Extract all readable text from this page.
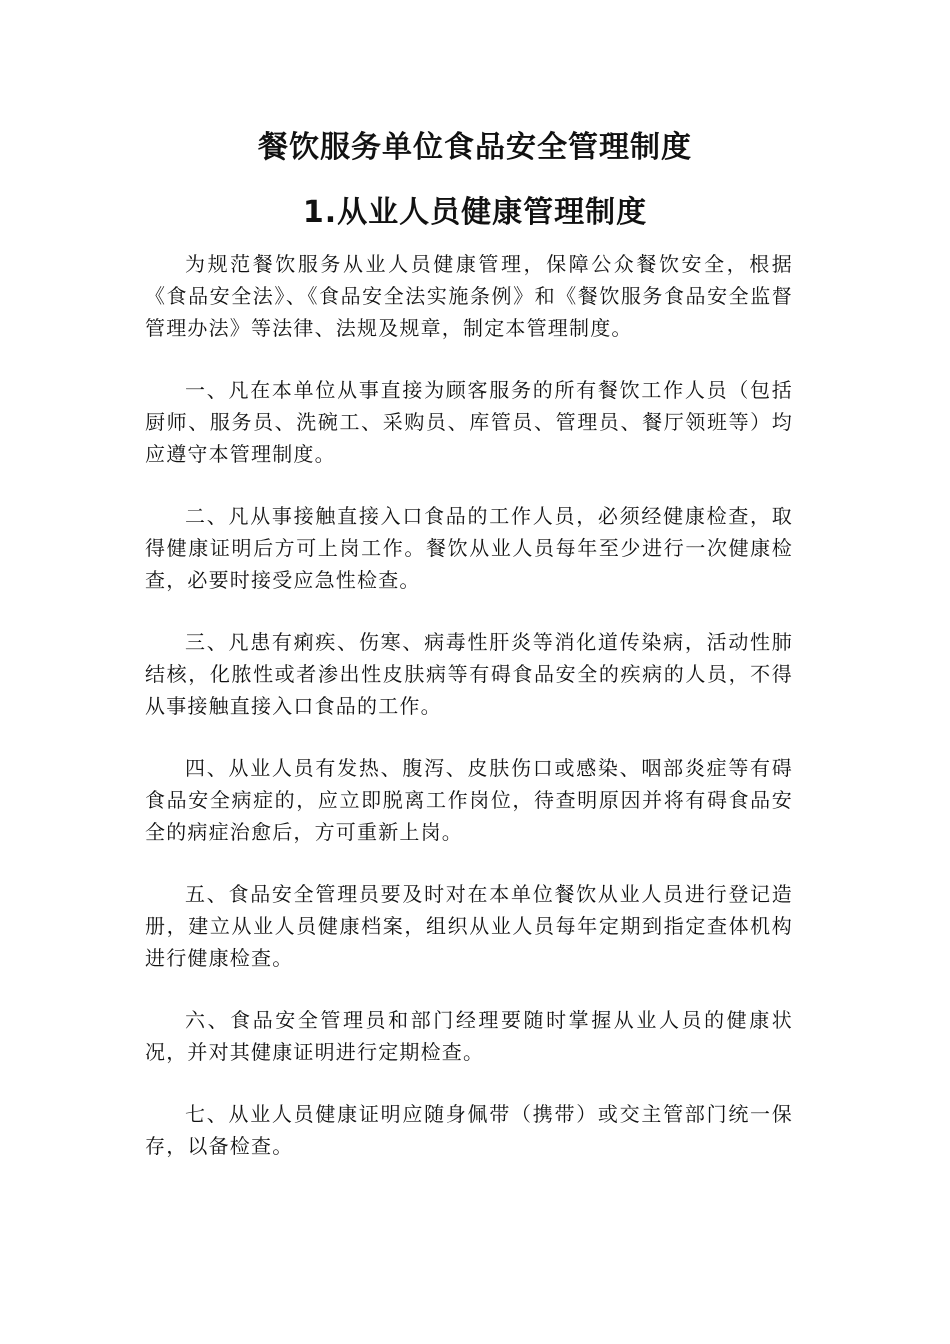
餐饮服务单位食品安全管理制度
1.从业人员健康管理制度

为规范餐饮服务从业人员健康管理，保障公众餐饮安全，根据《食品安全法》、《食品安全法实施条例》和《餐饮服务食品安全监督管理办法》等法律、法规及规章，制定本管理制度。

一、凡在本单位从事直接为顾客服务的所有餐饮工作人员（包括厨师、服务员、洗碗工、采购员、库管员、管理员、餐厅领班等）均应遵守本管理制度。

二、凡从事接触直接入口食品的工作人员，必须经健康检查，取得健康证明后方可上岗工作。餐饮从业人员每年至少进行一次健康检查，必要时接受应急性检查。

三、凡患有痢疾、伤寒、病毒性肝炎等消化道传染病，活动性肺结核，化脓性或者渗出性皮肤病等有碍食品安全的疾病的人员，不得从事接触直接入口食品的工作。

四、从业人员有发热、腹泻、皮肤伤口或感染、咽部炎症等有碍食品安全病症的，应立即脱离工作岗位，待查明原因并将有碍食品安全的病症治愈后，方可重新上岗。

五、食品安全管理员要及时对在本单位餐饮从业人员进行登记造册，建立从业人员健康档案，组织从业人员每年定期到指定查体机构进行健康检查。

六、食品安全管理员和部门经理要随时掌握从业人员的健康状况，并对其健康证明进行定期检查。

七、从业人员健康证明应随身佩带（携带）或交主管部门统一保存，以备检查。
